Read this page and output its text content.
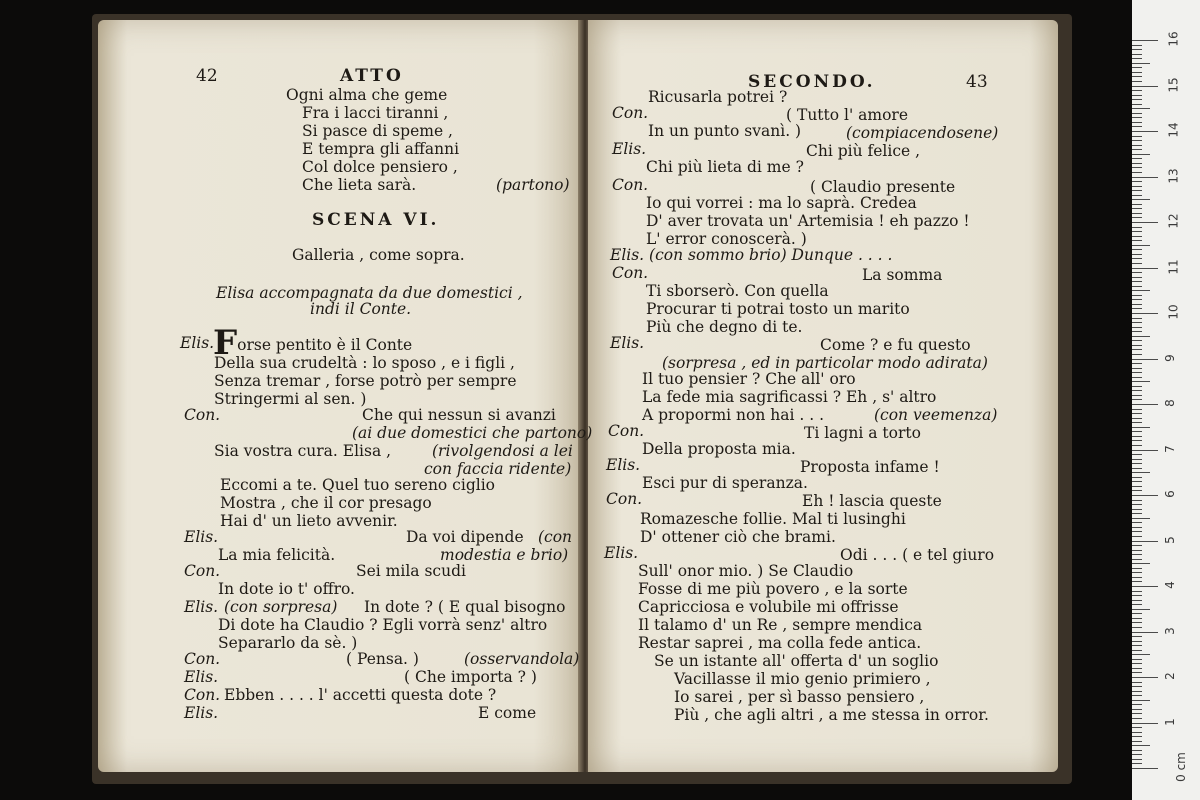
42	ATTO
Ogni alma che geme
Fra i lacci tiranni ,
Si pasce di speme ,
E tempra gli affanni
Col dolce pensiero ,
Che lieta sarà.	(partono)
SCENA VI.
Galleria , come sopra.
Elisa accompagnata da due domestici ,
indi il Conte.
Elis.
Forse pentito è il Conte
Della sua crudeltà : lo sposo , e i figli ,
Senza tremar , forse potrò per sempre
Stringermi al sen. )
Con.	Che qui nessun si avanzi
(ai due domestici che partono)
Sia vostra cura. Elisa ,	(rivolgendosi a lei
con faccia ridente)
Eccomi a te. Quel tuo sereno ciglio
Mostra , che il cor presago
Hai d' un lieto avvenir.
Elis.	Da voi dipende (con
La mia felicità.	modestia e brio)
Con.	Sei mila scudi
In dote io t' offro.
Elis. (con sorpresa) In dote ? ( E qual bisogno
Di dote ha Claudio ? Egli vorrà senz' altro
Separarlo da sè. )
Con.	( Pensa. )	(osservandola)
Elis.	( Che importa ? )
Con. Ebben . . . . l' accetti questa dote ?
Elis.	E come
SECONDO.	43
Ricusarla potrei ?
Con.	( Tutto l' amore
In un punto svanì. )	(compiacendosene)
Elis.	Chi più felice ,
Chi più lieta di me ?
Con.	( Claudio presente
Io qui vorrei : ma lo saprà. Credea
D' aver trovata un' Artemisia ! eh pazzo !
L' error conoscerà. )
Elis. (con sommo brio) Dunque . . . .
Con.	La somma
Ti sborserò. Con quella
Procurar ti potrai tosto un marito
Più che degno di te.
Elis.	Come ? e fu questo
(sorpresa , ed in particolar modo adirata)
Il tuo pensier ? Che all' oro
La fede mia sagrificassi ? Eh , s' altro
A propormi non hai . . .	(con veemenza)
Con.	Ti lagni a torto
Della proposta mia.
Elis.	Proposta infame !
Esci pur di speranza.
Con.	Eh ! lascia queste
Romazesche follie. Mal ti lusinghi
D' ottener ciò che brami.
Elis.	Odi . . . ( e tel giuro
Sull' onor mio. ) Se Claudio
Fosse di me più povero , e la sorte
Capricciosa e volubile mi offrisse
Il talamo d' un Re , sempre mendica
Restar saprei , ma colla fede antica.
Se un istante all' offerta d' un soglio
Vacillasse il mio genio primiero ,
Io sarei , per sì basso pensiero ,
Più , che agli altri , a me stessa in orror.
16
15
14
13
12
11
10
9
8
7
6
5
4
3
2
1
0 cm
